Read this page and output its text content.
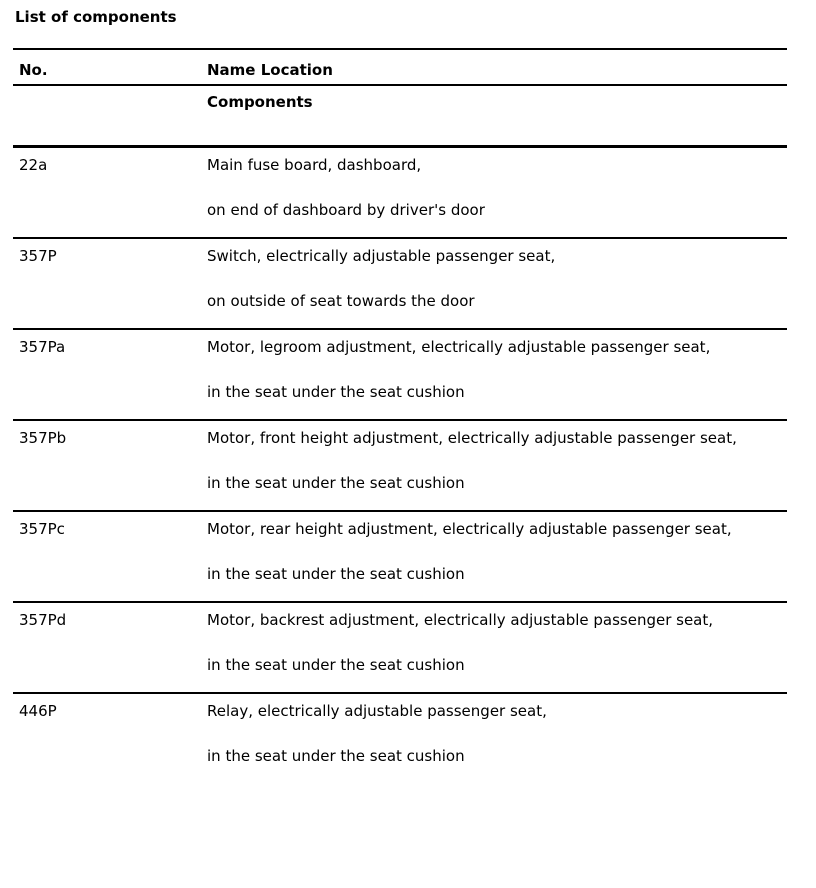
List of components
No.	Name Location
Components
22a	Main fuse board, dashboard,
on end of dashboard by driver's door
357P	Switch, electrically adjustable passenger seat,
on outside of seat towards the door
357Pa	Motor, legroom adjustment, electrically adjustable passenger seat,
in the seat under the seat cushion
357Pb	Motor, front height adjustment, electrically adjustable passenger seat,
in the seat under the seat cushion
357Pc	Motor, rear height adjustment, electrically adjustable passenger seat,
in the seat under the seat cushion
357Pd	Motor, backrest adjustment, electrically adjustable passenger seat,
in the seat under the seat cushion
446P	Relay, electrically adjustable passenger seat,
in the seat under the seat cushion
